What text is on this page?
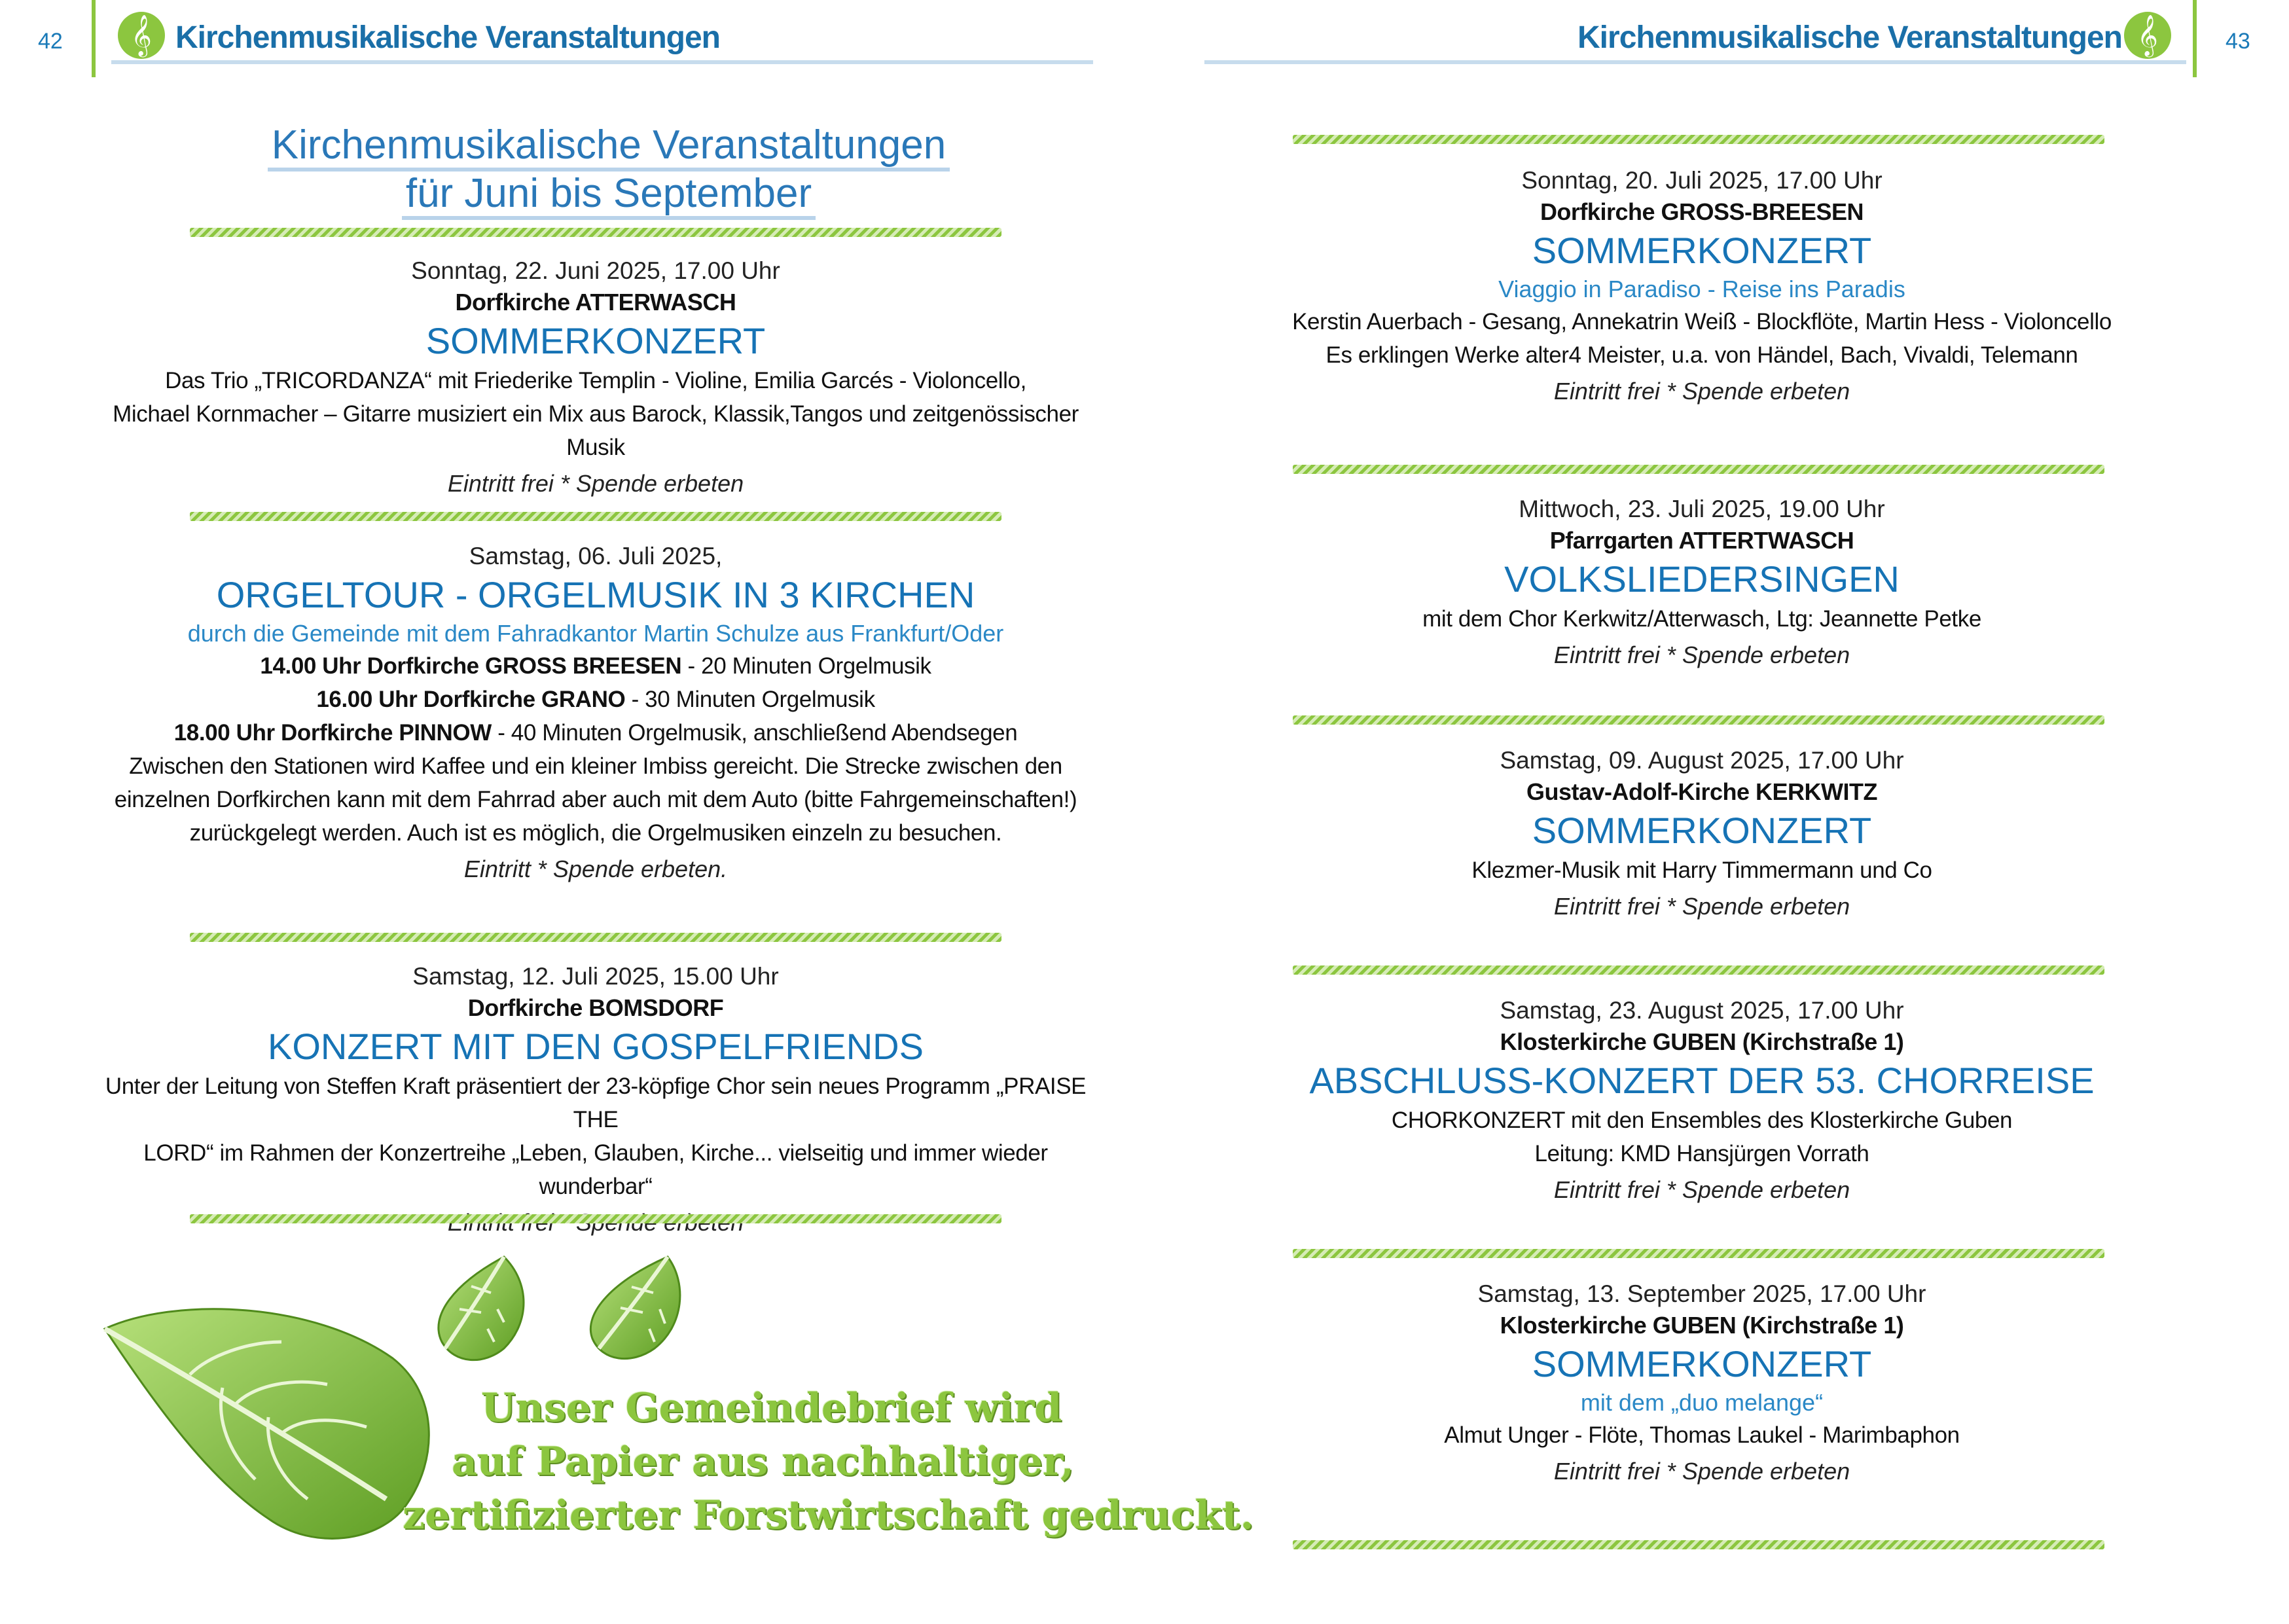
42	𝄞 Kirchenmusikalische Veranstaltungen	Kirchenmusikalische Veranstaltungen 𝄞	43
Kirchenmusikalische Veranstaltungen
für Juni bis September
Sonntag, 22. Juni 2025, 17.00 Uhr
Dorfkirche ATTERWASCH
SOMMERKONZERT
Das Trio „TRICORDANZA“ mit Friederike Templin - Violine, Emilia Garcés - Violoncello,
Michael Kornmacher – Gitarre musiziert ein Mix aus Barock, Klassik,Tangos und zeitgenössischer Musik
Eintritt frei * Spende erbeten
Samstag, 06. Juli 2025,
ORGELTOUR - ORGELMUSIK IN 3 KIRCHEN
durch die Gemeinde mit dem Fahradkantor Martin Schulze aus Frankfurt/Oder
14.00 Uhr Dorfkirche GROSS BREESEN - 20 Minuten Orgelmusik
16.00 Uhr Dorfkirche GRANO - 30 Minuten Orgelmusik
18.00 Uhr Dorfkirche PINNOW - 40 Minuten Orgelmusik, anschließend Abendsegen
Zwischen den Stationen wird Kaffee und ein kleiner Imbiss gereicht. Die Strecke zwischen den
einzelnen Dorfkirchen kann mit dem Fahrrad aber auch mit dem Auto (bitte Fahrgemeinschaften!)
zurückgelegt werden. Auch ist es möglich, die Orgelmusiken einzeln zu besuchen.
Eintritt * Spende erbeten.
Samstag, 12. Juli 2025, 15.00 Uhr
Dorfkirche BOMSDORF
KONZERT MIT DEN GOSPELFRIENDS
Unter der Leitung von Steffen Kraft präsentiert der 23-köpfige Chor sein neues Programm „PRAISE THE
LORD“ im Rahmen der Konzertreihe „Leben, Glauben, Kirche... vielseitig und immer wieder wunderbar“
Unser Gemeindebrief wird
auf Papier aus nachhaltiger,
zertifizierter Forstwirtschaft gedruckt.
Sonntag, 20. Juli 2025, 17.00 Uhr
Dorfkirche GROSS-BREESEN
SOMMERKONZERT
Viaggio in Paradiso - Reise ins Paradis
Kerstin Auerbach - Gesang, Annekatrin Weiß - Blockflöte, Martin Hess - Violoncello
Es erklingen Werke alter4 Meister, u.a. von Händel, Bach, Vivaldi, Telemann
Eintritt frei * Spende erbeten
Mittwoch, 23. Juli 2025, 19.00 Uhr
Pfarrgarten ATTERTWASCH
VOLKSLIEDERSINGEN
mit dem Chor Kerkwitz/Atterwasch, Ltg: Jeannette Petke
Eintritt frei * Spende erbeten
Samstag, 09. August 2025, 17.00 Uhr
Gustav-Adolf-Kirche KERKWITZ
SOMMERKONZERT
Klezmer-Musik mit Harry Timmermann und Co
Eintritt frei * Spende erbeten
Samstag, 23. August 2025, 17.00 Uhr
Klosterkirche GUBEN (Kirchstraße 1)
ABSCHLUSS-KONZERT DER 53. CHORREISE
CHORKONZERT mit den Ensembles des Klosterkirche Guben
Leitung: KMD Hansjürgen Vorrath
Eintritt frei * Spende erbeten
Samstag, 13. September 2025, 17.00 Uhr
Klosterkirche GUBEN (Kirchstraße 1)
SOMMERKONZERT
mit dem „duo melange“
Almut Unger - Flöte, Thomas Laukel - Marimbaphon
Eintritt frei * Spende erbeten
